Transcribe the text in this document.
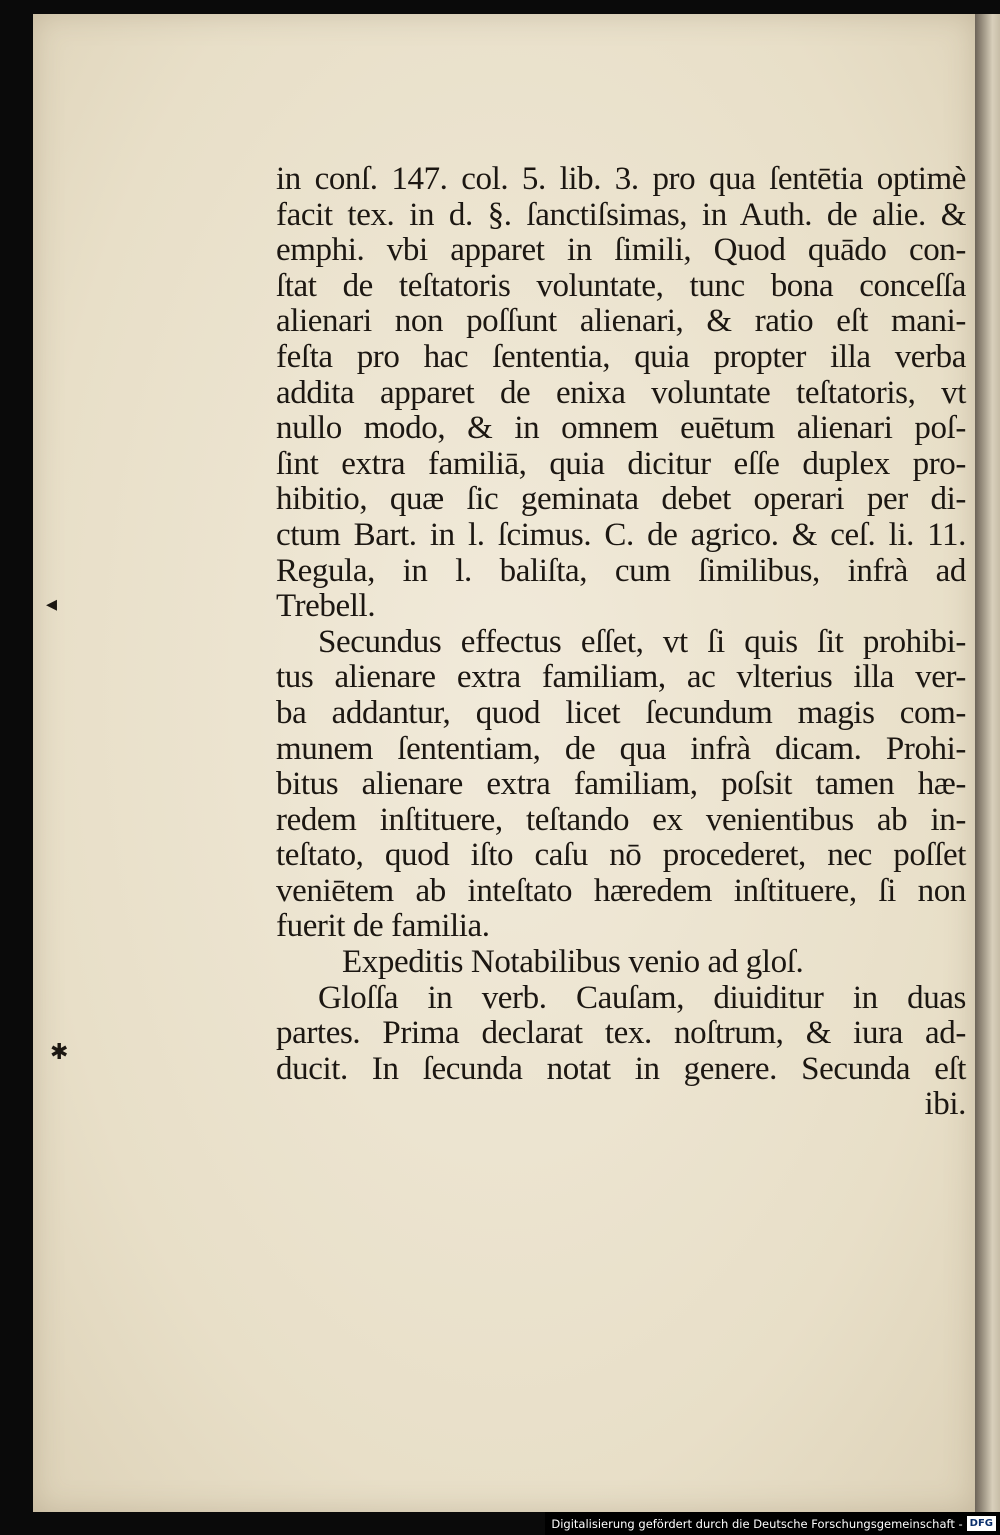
◂
✱
in conſ. 147. col. 5. lib. 3. pro qua ſentētia optimè
facit tex. in d. §. ſanctiſsimas, in Auth. de alie. &
emphi. vbi apparet in ſimili, Quod quādo con-
ſtat de teſtatoris voluntate, tunc bona conceſſa
alienari non poſſunt alienari, & ratio eſt mani-
feſta pro hac ſententia, quia propter illa verba
addita apparet de enixa voluntate teſtatoris, vt
nullo modo, & in omnem euētum alienari poſ-
ſint extra familiā, quia dicitur eſſe duplex pro-
hibitio, quæ ſic geminata debet operari per di-
ctum Bart. in l. ſcimus. C. de agrico. & ceſ. li. 11.
Regula, in l. baliſta, cum ſimilibus, infrà ad
Trebell.
Secundus effectus eſſet, vt ſi quis ſit prohibi-
tus alienare extra familiam, ac vlterius illa ver-
ba addantur, quod licet ſecundum magis com-
munem ſententiam, de qua infrà dicam. Prohi-
bitus alienare extra familiam, poſsit tamen hæ-
redem inſtituere, teſtando ex venientibus ab in-
teſtato, quod iſto caſu nō procederet, nec poſſet
veniētem ab inteſtato hæredem inſtituere, ſi non
fuerit de familia.
Expeditis Notabilibus venio ad gloſ.
Gloſſa in verb. Cauſam, diuiditur in duas
partes. Prima declarat tex. noſtrum, & iura ad-
ducit. In ſecunda notat in genere. Secunda eſt
ibi.
Digitalisierung gefördert durch die Deutsche Forschungsgemeinschaft - DFG
